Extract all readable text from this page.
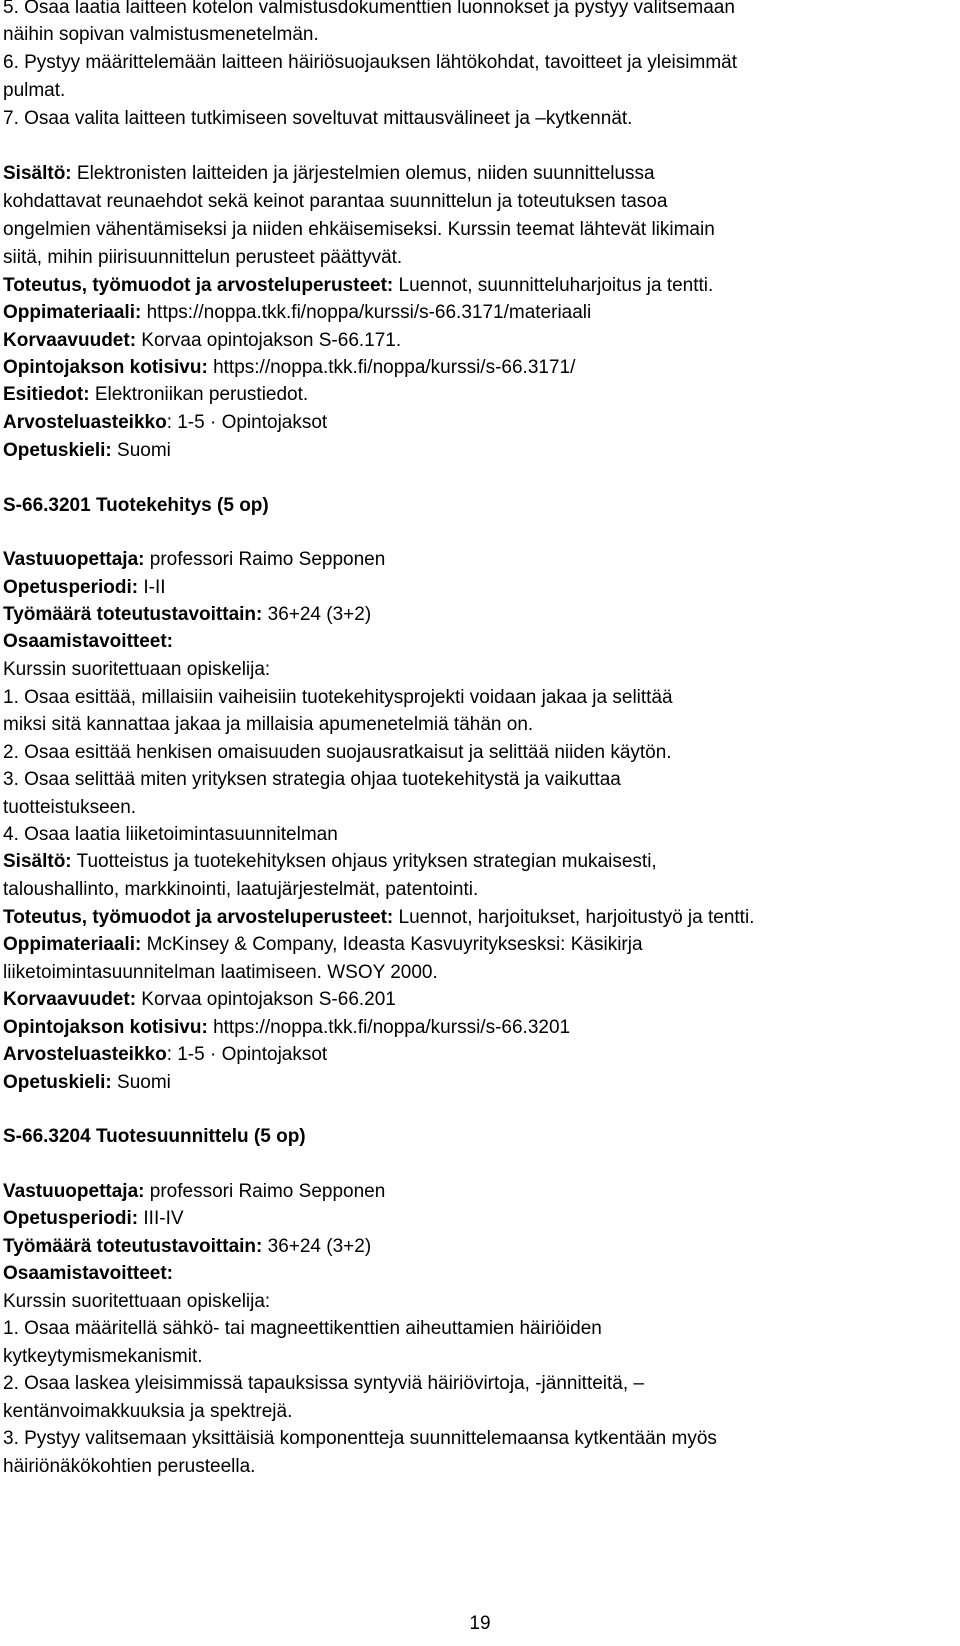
5. Osaa laatia laitteen kotelon valmistusdokumenttien luonnokset ja pystyy valitsemaan
näihin sopivan valmistusmenetelmän.
6. Pystyy määrittelemään laitteen häiriösuojauksen lähtökohdat, tavoitteet ja yleisimmät
pulmat.
7. Osaa valita laitteen tutkimiseen soveltuvat mittausvälineet ja –kytkennät.
Sisältö: Elektronisten laitteiden ja järjestelmien olemus, niiden suunnittelussa
kohdattavat reunaehdot sekä keinot parantaa suunnittelun ja toteutuksen tasoa
ongelmien vähentämiseksi ja niiden ehkäisemiseksi. Kurssin teemat lähtevät likimain
siitä, mihin piirisuunnittelun perusteet päättyvät.
Toteutus, työmuodot ja arvosteluperusteet: Luennot, suunnitteluharjoitus ja tentti.
Oppimateriaali: https://noppa.tkk.fi/noppa/kurssi/s-66.3171/materiaali
Korvaavuudet: Korvaa opintojakson S-66.171.
Opintojakson kotisivu: https://noppa.tkk.fi/noppa/kurssi/s-66.3171/
Esitiedot: Elektroniikan perustiedot.
Arvosteluasteikko: 1-5 · Opintojaksot
Opetuskieli: Suomi
S-66.3201 Tuotekehitys (5 op)
Vastuuopettaja: professori Raimo Sepponen
Opetusperiodi: I-II
Työmäärä toteutustavoittain: 36+24 (3+2)
Osaamistavoitteet:
Kurssin suoritettuaan opiskelija:
1. Osaa esittää, millaisiin vaiheisiin tuotekehitysprojekti voidaan jakaa ja selittää
miksi sitä kannattaa jakaa ja millaisia apumenetelmiä tähän on.
2. Osaa esittää henkisen omaisuuden suojausratkaisut ja selittää niiden käytön.
3. Osaa selittää miten yrityksen strategia ohjaa tuotekehitystä ja vaikuttaa
tuotteistukseen.
4. Osaa laatia liiketoimintasuunnitelman
Sisältö: Tuotteistus ja tuotekehityksen ohjaus yrityksen strategian mukaisesti,
taloushallinto, markkinointi, laatujärjestelmät, patentointi.
Toteutus, työmuodot ja arvosteluperusteet: Luennot, harjoitukset, harjoitustyö ja tentti.
Oppimateriaali: McKinsey & Company, Ideasta Kasvuyrityksesksi: Käsikirja
liiketoimintasuunnitelman laatimiseen. WSOY 2000.
Korvaavuudet: Korvaa opintojakson S-66.201
Opintojakson kotisivu: https://noppa.tkk.fi/noppa/kurssi/s-66.3201
Arvosteluasteikko: 1-5 · Opintojaksot
Opetuskieli: Suomi
S-66.3204 Tuotesuunnittelu (5 op)
Vastuuopettaja: professori Raimo Sepponen
Opetusperiodi: III-IV
Työmäärä toteutustavoittain: 36+24 (3+2)
Osaamistavoitteet:
Kurssin suoritettuaan opiskelija:
1. Osaa määritellä sähkö- tai magneettikenttien aiheuttamien häiriöiden
kytkeytymismekanismit.
2. Osaa laskea yleisimmissä tapauksissa syntyviä häiriövirtoja, -jännitteitä, –
kentänvoimakkuuksia ja spektrejä.
3. Pystyy valitsemaan yksittäisiä komponentteja suunnittelemaansa kytkentään myös
häiriönäkökohtien perusteella.
19
